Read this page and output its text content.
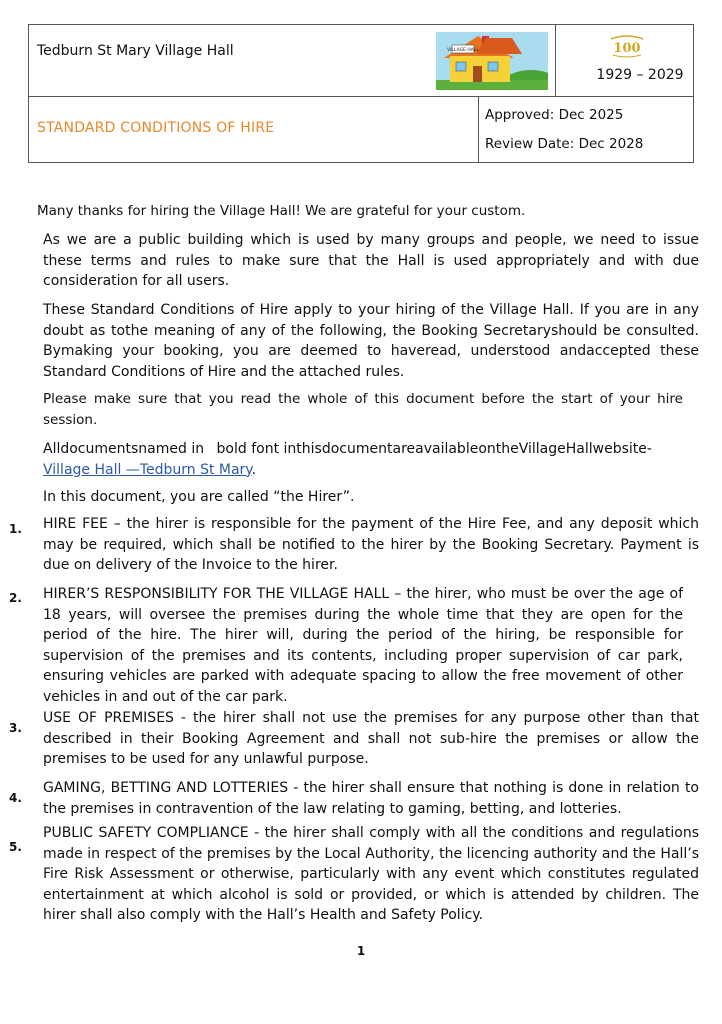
Tedburn St Mary Village Hall	VILLAGE HALL	100
1929 – 2029
STANDARD CONDITIONS OF HIRE
Approved: Dec 2025
Review Date: Dec 2028

Many thanks for hiring the Village Hall! We are grateful for your custom.

As we are a public building which is used by many groups and people, we need to issue these terms and rules to make sure that the Hall is used appropriately and with due consideration for all users.

These Standard Conditions of Hire apply to your hiring of the Village Hall. If you are in any doubt as tothe meaning of any of the following, the Booking Secretaryshould be consulted. Bymaking your booking, you are deemed to haveread, understood andaccepted these Standard Conditions of Hire and the attached rules.

Please make sure that you read the whole of this document before the start of your hire session.

Alldocumentsnamed in bold font inthisdocumentareavailableontheVillageHallwebsite-
Village Hall —Tedburn St Mary.

In this document, you are called “the Hirer”.

1. HIRE FEE – the hirer is responsible for the payment of the Hire Fee, and any deposit which may be required, which shall be notified to the hirer by the Booking Secretary. Payment is due on delivery of the Invoice to the hirer.

2. HIRER’S RESPONSIBILITY FOR THE VILLAGE HALL – the hirer, who must be over the age of 18 years, will oversee the premises during the whole time that they are open for the period of the hire. The hirer will, during the period of the hiring, be responsible for supervision of the premises and its contents, including proper supervision of car park, ensuring vehicles are parked with adequate spacing to allow the free movement of other vehicles in and out of the car park.

3.

USE OF PREMISES - the hirer shall not use the premises for any purpose other than that described in their Booking Agreement and shall not sub-hire the premises or allow the premises to be used for any unlawful purpose.

4.

GAMING, BETTING AND LOTTERIES - the hirer shall ensure that nothing is done in relation to the premises in contravention of the law relating to gaming, betting, and lotteries.

5.

PUBLIC SAFETY COMPLIANCE - the hirer shall comply with all the conditions and regulations made in respect of the premises by the Local Authority, the licencing authority and the Hall’s Fire Risk Assessment or otherwise, particularly with any event which constitutes regulated entertainment at which alcohol is sold or provided, or which is attended by children. The hirer shall also comply with the Hall’s Health and Safety Policy.

1
